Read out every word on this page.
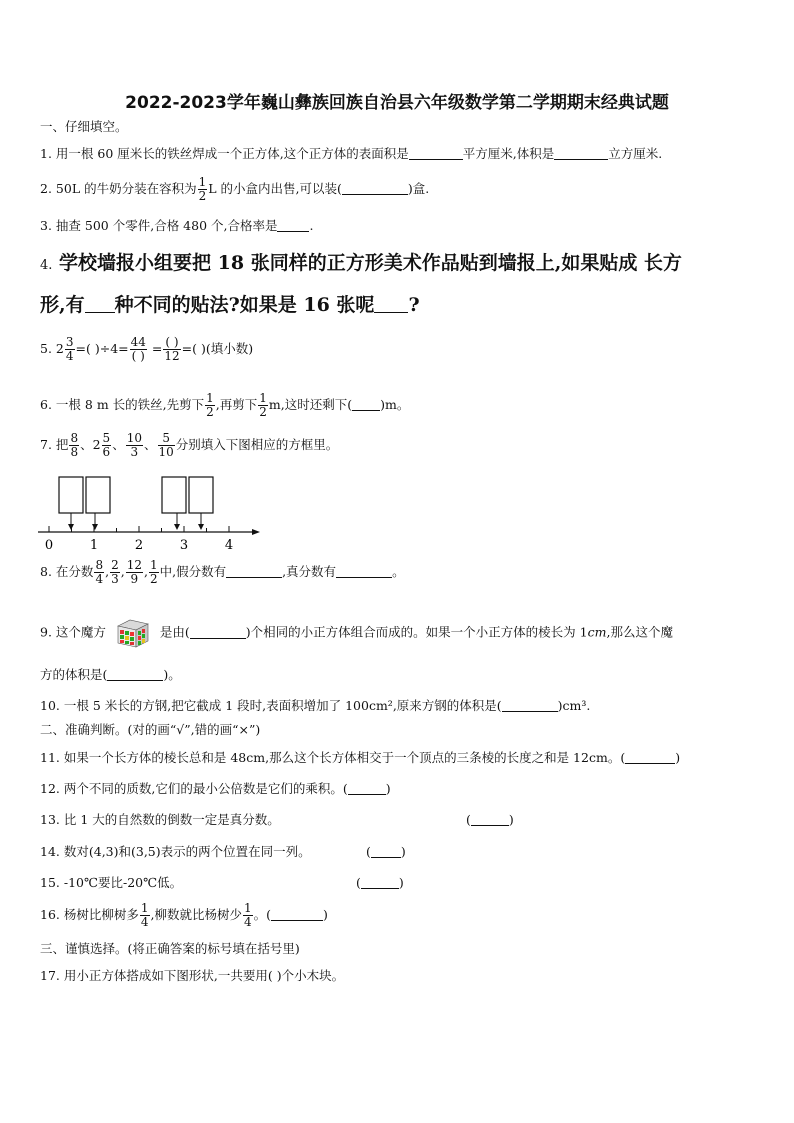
2022-2023学年巍山彝族回族自治县六年级数学第二学期期末经典试题
一、仔细填空。
1. 用一根 60 厘米长的铁丝焊成一个正方体,这个正方体的表面积是	平方厘米,体积是	立方厘米.
2. 50L 的牛奶分装在容积为 $\frac{1}{2}$ L 的小盒内出售,可以装(	)盒.
3. 抽查 500 个零件,合格 480 个,合格率是	.
4. 学校墙报小组要把 18 张同样的正方形美术作品贴到墙报上,如果贴成 长方
形,有 种不同的贴法?如果是 16 张呢 ?
5. $2 \frac{3}{4}$ =( )$\div 4= \frac{44}{( )} = \frac{( )}{12}$ =( )(填小数)
6. 一根 8 m 长的铁丝,先剪下 $\frac{1}{2}$ ,再剪下 $\frac{1}{2} m$,这时还剩下( )m。
7. 把 $\frac{8}{8}$ 、$2 \frac{5}{6}$ 、 $\frac{10}{3}$ 、 $\frac{5}{10}$ 分别填入下图相应的方框里。
0	1	2	3	4
8. 在分数 $\frac{8}{4}$ , $\frac{2}{3}$ , $\frac{12}{9}$ , $\frac{1}{2}$ 中,假分数有	,真分数有	。
9. 这个魔方	是由(	)个相同的小正方体组合而成的。如果一个小正方体的棱长为 1cm,那么这个魔
方的体积是(	)。
10. 一根 5 米长的方钢,把它截成 1 段时,表面积增加了 100cm²,原来方钢的体积是(	)cm³.
二、准确判断。(对的画“√”,错的画“×”)
11. 如果一个长方体的棱长总和是 48cm,那么这个长方体相交于一个顶点的三条棱的长度之和是 12cm。(	)
12. 两个不同的质数,它们的最小公倍数是它们的乘积。(	)
13. 比 1 大的自然数的倒数一定是真分数。	(	)
14. 数对(4,3)和(3,5)表示的两个位置在同一列。	( )
15. -10℃要比-20℃低。	(	)
16. 杨树比柳树多 $\frac{1}{4}$ ,柳数就比杨树少 $\frac{1}{4}$ 。(	)
三、谨慎选择。(将正确答案的标号填在括号里)
17. 用小正方体搭成如下图形状,一共要用( )个小木块。
